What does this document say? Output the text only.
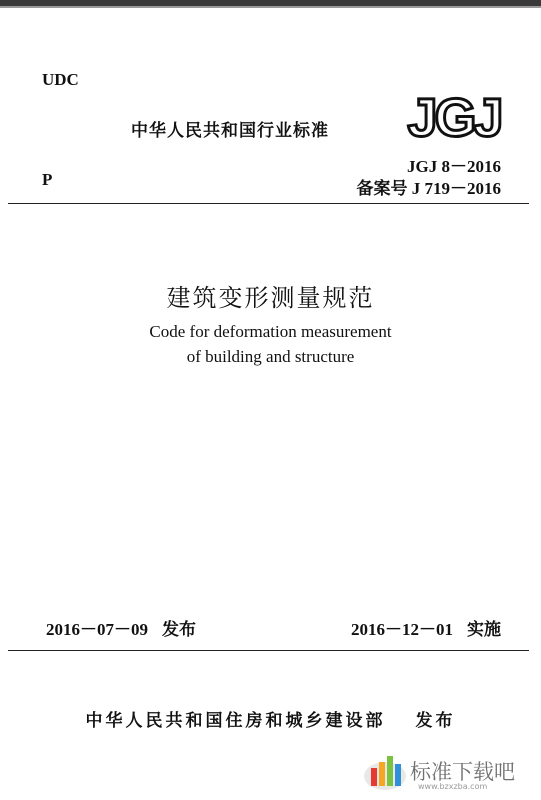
UDC
中华人民共和国行业标准 JGJ
P
JGJ 8－2016
备案号 J 719－2016
建筑变形测量规范
Code for deformation measurement
of building and structure
2016－07－09 发布	2016－12－01 实施
中华人民共和国住房和城乡建设部 发布
标准下载吧
www.bzxzba.com
